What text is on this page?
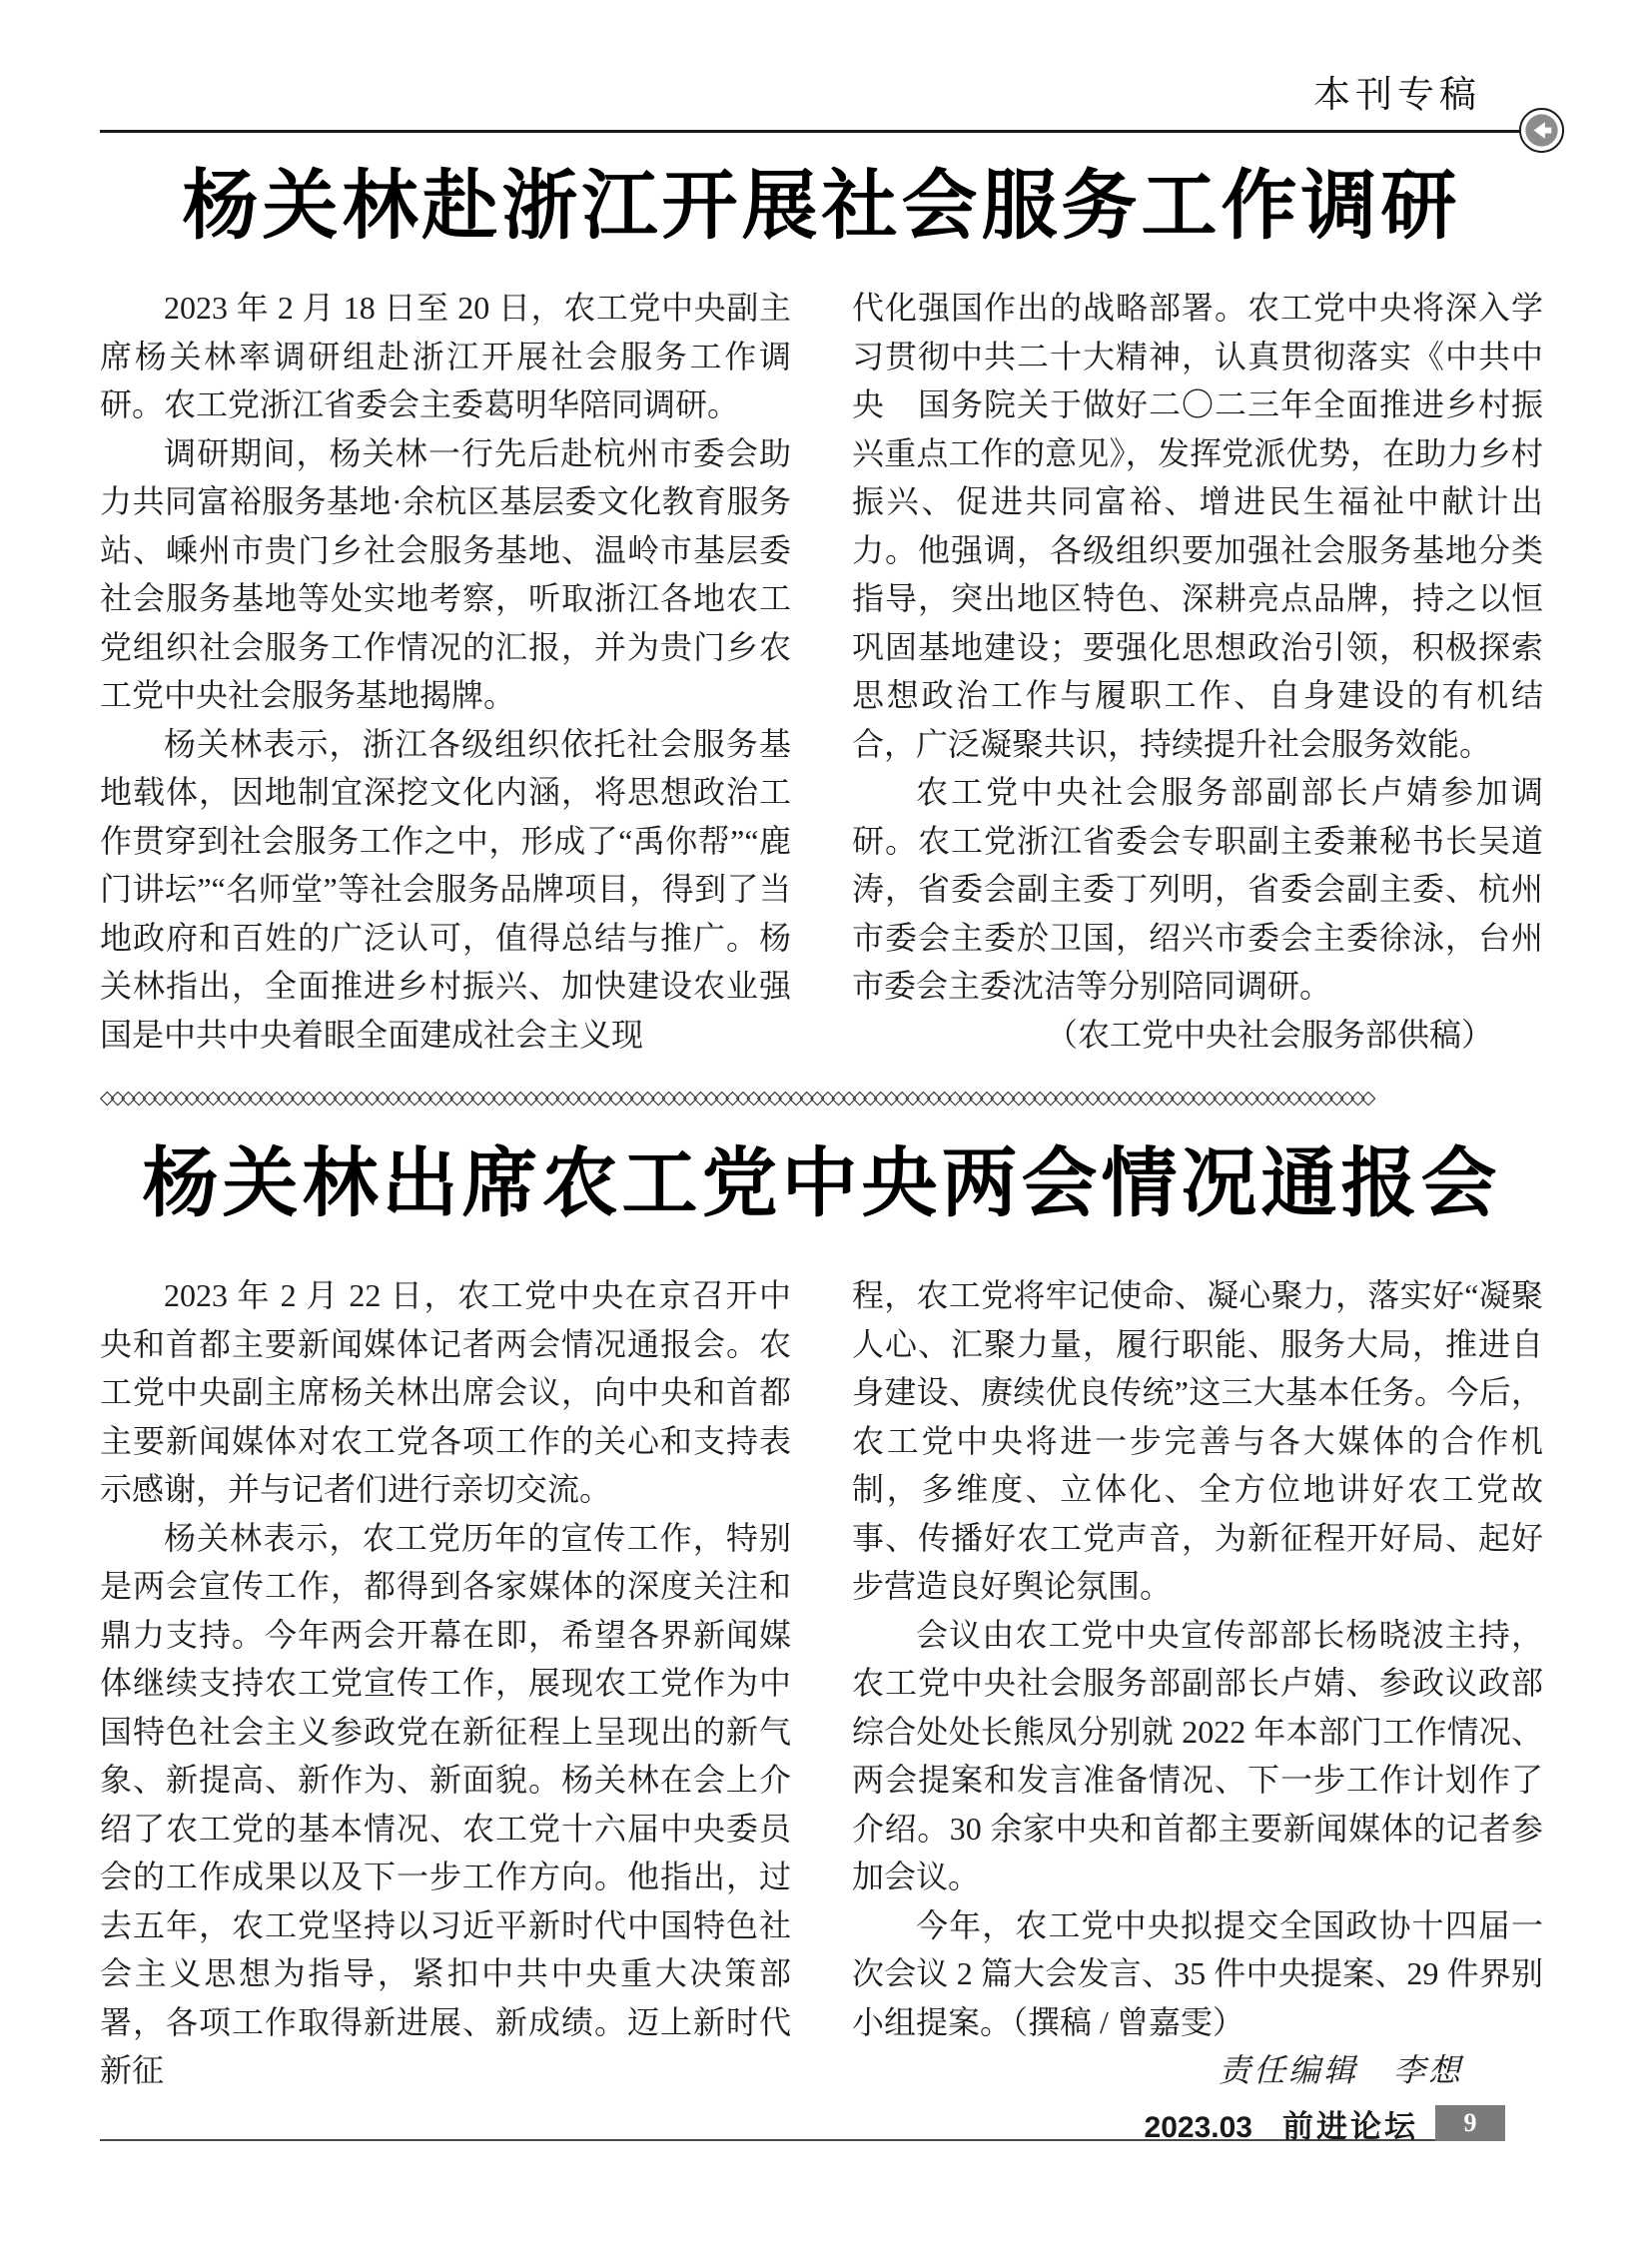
本刊专稿
杨关林赴浙江开展社会服务工作调研

2023 年 2 月 18 日至 20 日，农工党中央副主席杨关林率调研组赴浙江开展社会服务工作调研。农工党浙江省委会主委葛明华陪同调研。

调研期间，杨关林一行先后赴杭州市委会助力共同富裕服务基地·余杭区基层委文化教育服务站、嵊州市贵门乡社会服务基地、温岭市基层委社会服务基地等处实地考察，听取浙江各地农工党组织社会服务工作情况的汇报，并为贵门乡农工党中央社会服务基地揭牌。

杨关林表示，浙江各级组织依托社会服务基地载体，因地制宜深挖文化内涵，将思想政治工作贯穿到社会服务工作之中，形成了“禹你帮”“鹿门讲坛”“名师堂”等社会服务品牌项目，得到了当地政府和百姓的广泛认可，值得总结与推广。杨关林指出，全面推进乡村振兴、加快建设农业强国是中共中央着眼全面建成社会主义现

代化强国作出的战略部署。农工党中央将深入学习贯彻中共二十大精神，认真贯彻落实《中共中央　国务院关于做好二〇二三年全面推进乡村振兴重点工作的意见》，发挥党派优势，在助力乡村振兴、促进共同富裕、增进民生福祉中献计出力。他强调，各级组织要加强社会服务基地分类指导，突出地区特色、深耕亮点品牌，持之以恒巩固基地建设；要强化思想政治引领，积极探索思想政治工作与履职工作、自身建设的有机结合，广泛凝聚共识，持续提升社会服务效能。

农工党中央社会服务部副部长卢婧参加调研。农工党浙江省委会专职副主委兼秘书长吴道涛，省委会副主委丁列明，省委会副主委、杭州市委会主委於卫国，绍兴市委会主委徐泳，台州市委会主委沈洁等分别陪同调研。

（农工党中央社会服务部供稿）

◇◇◇◇◇◇◇◇◇◇◇◇◇◇◇◇◇◇◇◇◇◇◇◇◇◇◇◇◇◇◇◇◇◇◇◇◇◇◇◇◇◇◇◇◇◇◇◇◇◇◇◇◇◇◇◇◇◇◇◇◇◇◇◇◇◇◇◇◇◇◇◇◇◇◇◇◇◇◇◇◇◇◇◇◇◇◇◇◇◇◇◇◇◇◇◇◇◇◇◇◇◇◇◇◇◇◇◇◇◇◇◇◇◇◇◇◇◇◇◇
杨关林出席农工党中央两会情况通报会

2023 年 2 月 22 日，农工党中央在京召开中央和首都主要新闻媒体记者两会情况通报会。农工党中央副主席杨关林出席会议，向中央和首都主要新闻媒体对农工党各项工作的关心和支持表示感谢，并与记者们进行亲切交流。

杨关林表示，农工党历年的宣传工作，特别是两会宣传工作，都得到各家媒体的深度关注和鼎力支持。今年两会开幕在即，希望各界新闻媒体继续支持农工党宣传工作，展现农工党作为中国特色社会主义参政党在新征程上呈现出的新气象、新提高、新作为、新面貌。杨关林在会上介绍了农工党的基本情况、农工党十六届中央委员会的工作成果以及下一步工作方向。他指出，过去五年，农工党坚持以习近平新时代中国特色社会主义思想为指导，紧扣中共中央重大决策部署，各项工作取得新进展、新成绩。迈上新时代新征

程，农工党将牢记使命、凝心聚力，落实好“凝聚人心、汇聚力量，履行职能、服务大局，推进自身建设、赓续优良传统”这三大基本任务。今后，农工党中央将进一步完善与各大媒体的合作机制，多维度、立体化、全方位地讲好农工党故事、传播好农工党声音，为新征程开好局、起好步营造良好舆论氛围。

会议由农工党中央宣传部部长杨晓波主持，农工党中央社会服务部副部长卢婧、参政议政部综合处处长熊凤分别就 2022 年本部门工作情况、两会提案和发言准备情况、下一步工作计划作了介绍。30 余家中央和首都主要新闻媒体的记者参加会议。

今年，农工党中央拟提交全国政协十四届一次会议 2 篇大会发言、35 件中央提案、29 件界别小组提案。（撰稿 / 曾嘉雯）

责任编辑　李想

2023.03 前进论坛	9
